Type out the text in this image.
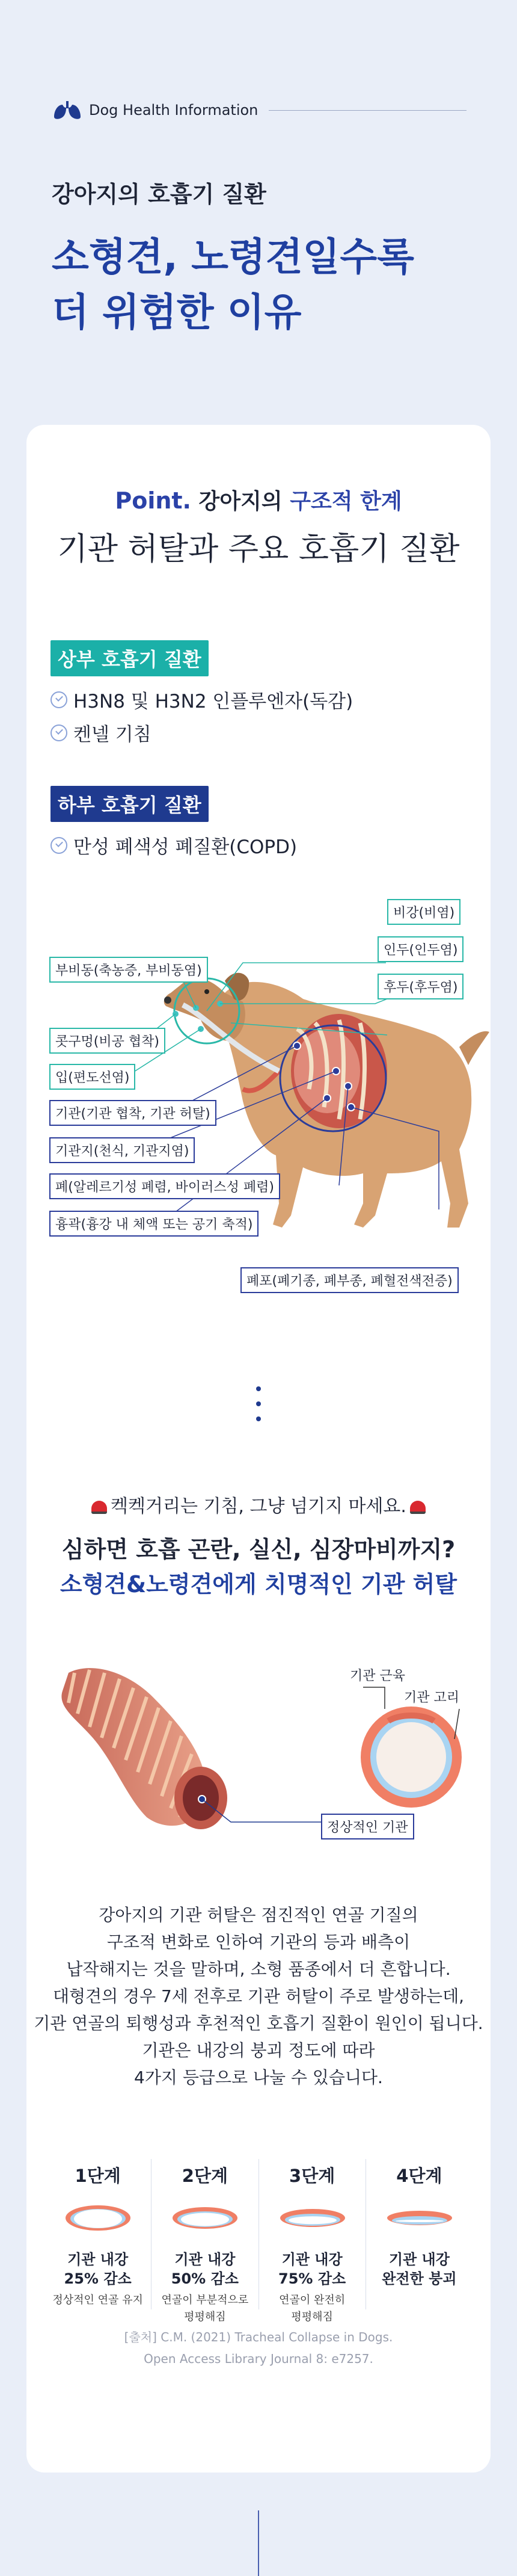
Dog Health Information
강아지의 호흡기 질환
소형견, 노령견일수록
더 위험한 이유
Point. 강아지의 구조적 한계
기관 허탈과 주요 호흡기 질환
상부 호흡기 질환
H3N8 및 H3N2 인플루엔자(독감)
켄넬 기침
하부 호흡기 질환
만성 폐색성 폐질환(COPD)
비강(비염)
인두(인두염)
후두(후두염)
부비동(축농증, 부비동염)
콧구멍(비공 협착)
입(편도선염)
기관(기관 협착, 기관 허탈)
기관지(천식, 기관지염)
폐(알레르기성 폐렴, 바이러스성 폐렴)
흉곽(흉강 내 체액 또는 공기 축적)
폐포(폐기종, 폐부종, 폐혈전색전증)
켁켁거리는 기침, 그냥 넘기지 마세요.
심하면 호흡 곤란, 실신, 심장마비까지?
소형견&노령견에게 치명적인 기관 허탈
기관 근육
기관 고리
정상적인 기관
강아지의 기관 허탈은 점진적인 연골 기질의
구조적 변화로 인하여 기관의 등과 배측이
납작해지는 것을 말하며, 소형 품종에서 더 흔합니다.
대형견의 경우 7세 전후로 기관 허탈이 주로 발생하는데,
기관 연골의 퇴행성과 후천적인 호흡기 질환이 원인이 됩니다.
기관은 내강의 붕괴 정도에 따라
4가지 등급으로 나눌 수 있습니다.
1단계
기관 내강
25% 감소
정상적인 연골 유지
2단계
기관 내강
50% 감소
연골이 부분적으로
평평해짐
3단계
기관 내강
75% 감소
연골이 완전히
평평해짐
4단계
기관 내강
완전한 붕괴
[출처] C.M. (2021) Tracheal Collapse in Dogs.
Open Access Library Journal 8: e7257.
